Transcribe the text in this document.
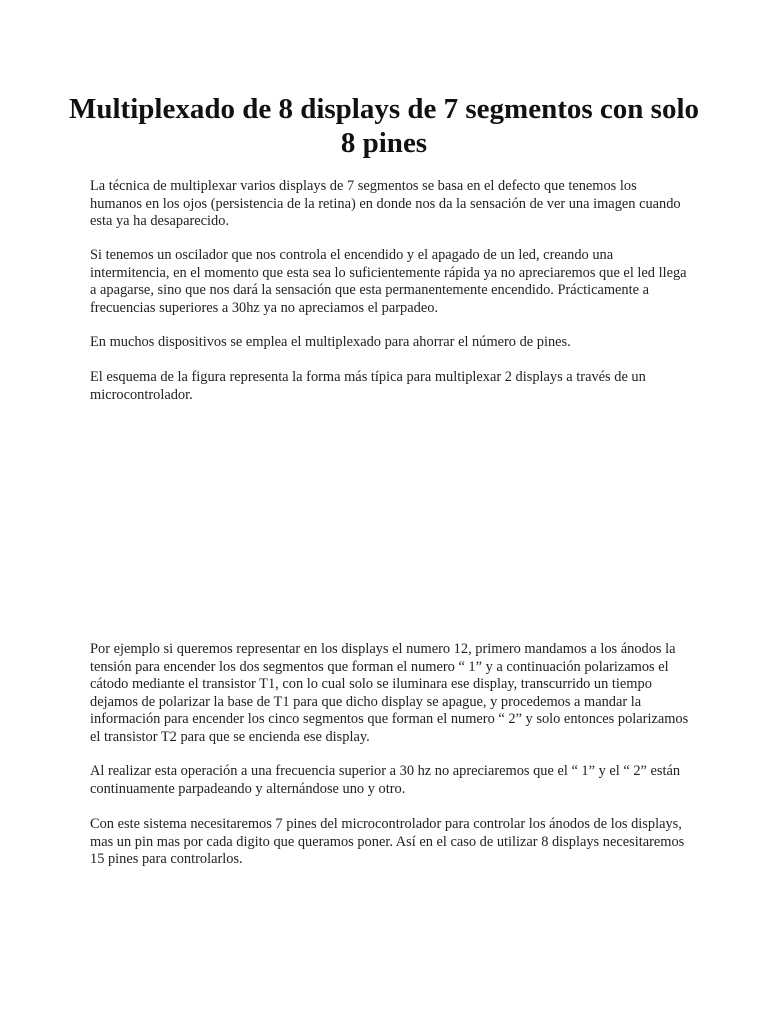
Multiplexado de 8 displays de 7 segmentos con solo 8 pines

La técnica de multiplexar varios displays de 7 segmentos se basa en el defecto que tenemos los humanos en los ojos (persistencia de la retina) en donde nos da la sensación de ver una imagen cuando esta ya ha desaparecido.

Si tenemos un oscilador que nos controla el encendido y el apagado de un led, creando una intermitencia, en el momento que esta sea lo suficientemente rápida ya no apreciaremos que el led llega a apagarse, sino que nos dará la sensación que esta permanentemente encendido. Prácticamente a frecuencias superiores a 30hz ya no apreciamos el parpadeo.

En muchos dispositivos se emplea el multiplexado para ahorrar el número de pines.

El esquema de la figura representa la forma más típica para multiplexar 2 displays a través de un microcontrolador.

Por ejemplo si queremos representar en los displays el numero 12, primero mandamos a los ánodos la tensión para encender los dos segmentos que forman el numero “ 1” y a continuación polarizamos el cátodo mediante el transistor T1, con lo cual solo se iluminara ese display, transcurrido un tiempo dejamos de polarizar la base de T1 para que dicho display se apague, y procedemos a mandar la información para encender los cinco segmentos que forman el numero “ 2” y solo entonces polarizamos el transistor T2 para que se encienda ese display.

Al realizar esta operación a una frecuencia superior a 30 hz no apreciaremos que el “ 1” y el “ 2” están continuamente parpadeando y alternándose uno y otro.

Con este sistema necesitaremos 7 pines del microcontrolador para controlar los ánodos de los displays, mas un pin mas por cada digito que queramos poner. Así en el caso de utilizar 8 displays necesitaremos 15 pines para controlarlos.
